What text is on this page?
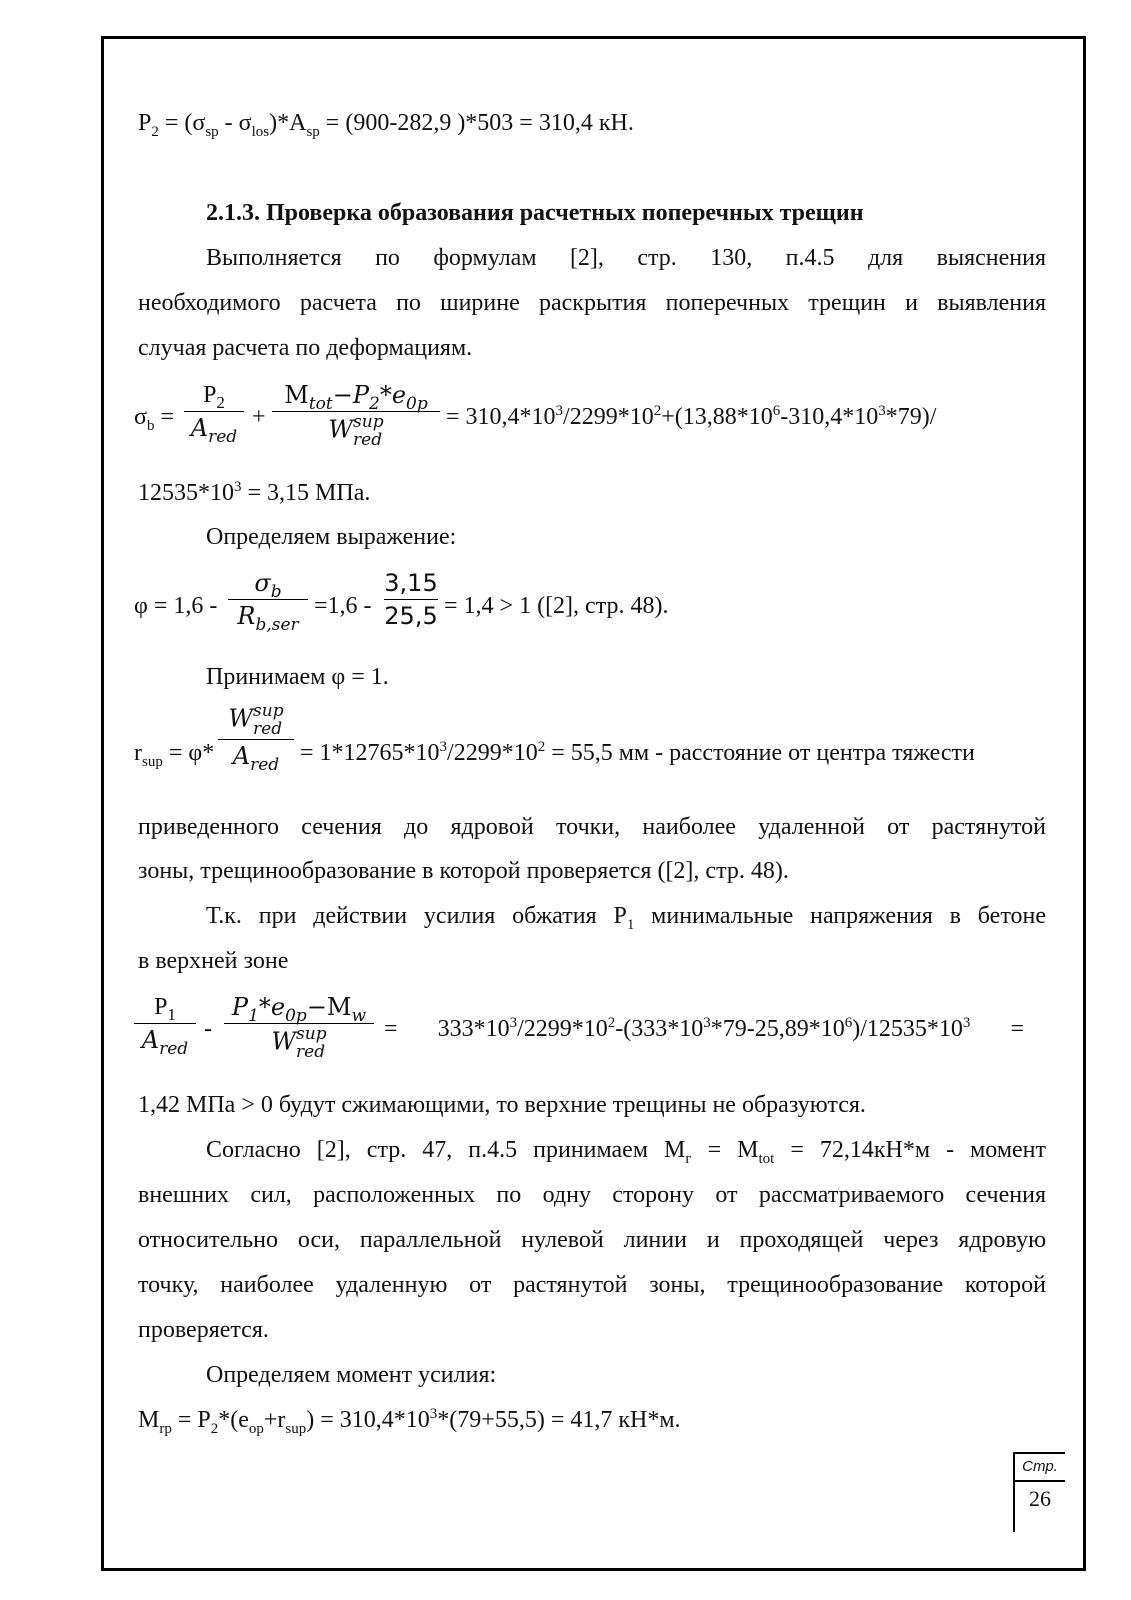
$P_2 = (\sigma_{sp} - \sigma_{los})*A_{sp} = (900-282,9$ )*503 = 310,4 кН.
2.1.3. Проверка образования расчетных поперечных трещин
Выполняется по формулам [2], стр. 130, п.4.5 для выяснения
необходимого расчета по ширине раскрытия поперечных трещин и выявления
случая расчета по деформациям.
$\sigma_b$ =
$P_2$
$A_{red}$
+
$M_{tot}-P_2*e_{0p}$
W sup
red
= $310,4*10^3/2299*10^2+(13,88*10^6-310,4*10^3*79)/$
$12535*10^3 = 3,15$ МПа.
Определяем выражение:
φ = 1,6 -
$\sigma_b$
$R_{b,ser}$
=1,6 -
3,15
25,5 = 1,4 > 1 ([2], стр. 48).
Принимаем φ = 1.
$r_{sup} = \varphi*$
W sup
red
$A_{red} = 1*12765*10^3/2299*10^2 = 55,5$ мм - расстояние от центра тяжести
приведенного сечения до ядровой точки, наиболее удаленной от растянутой
зоны, трещинообразование в которой проверяется ([2], стр. 48).
Т.к. при действии усилия обжатия $P_1$ минимальные напряжения в бетоне
в верхней зоне
$P_1$
$A_{red}$
-
$P_1*e_{0p}-M_w$
W sup
red
= $333*10^3/2299*10^2-(333*10^3*79-25,89*10^6)/12535*10^3$ =
1,42 МПа > 0 будут сжимающими, то верхние трещины не образуются.
Согласно [2], стр. 47, п.4.5 принимаем $M_г = M_{tot} = 72,14кН*м$ - момент
внешних сил, расположенных по одну сторону от рассматриваемого сечения
относительно оси, параллельной нулевой линии и проходящей через ядровую
точку, наиболее удаленную от растянутой зоны, трещинообразование которой
проверяется.
Определяем момент усилия:
$M_{rp} = P_2*(e_{op}+r_{sup}) = 310,4*10^3*(79+55,5) = 41,7$ кН*м.
Стр.
26
